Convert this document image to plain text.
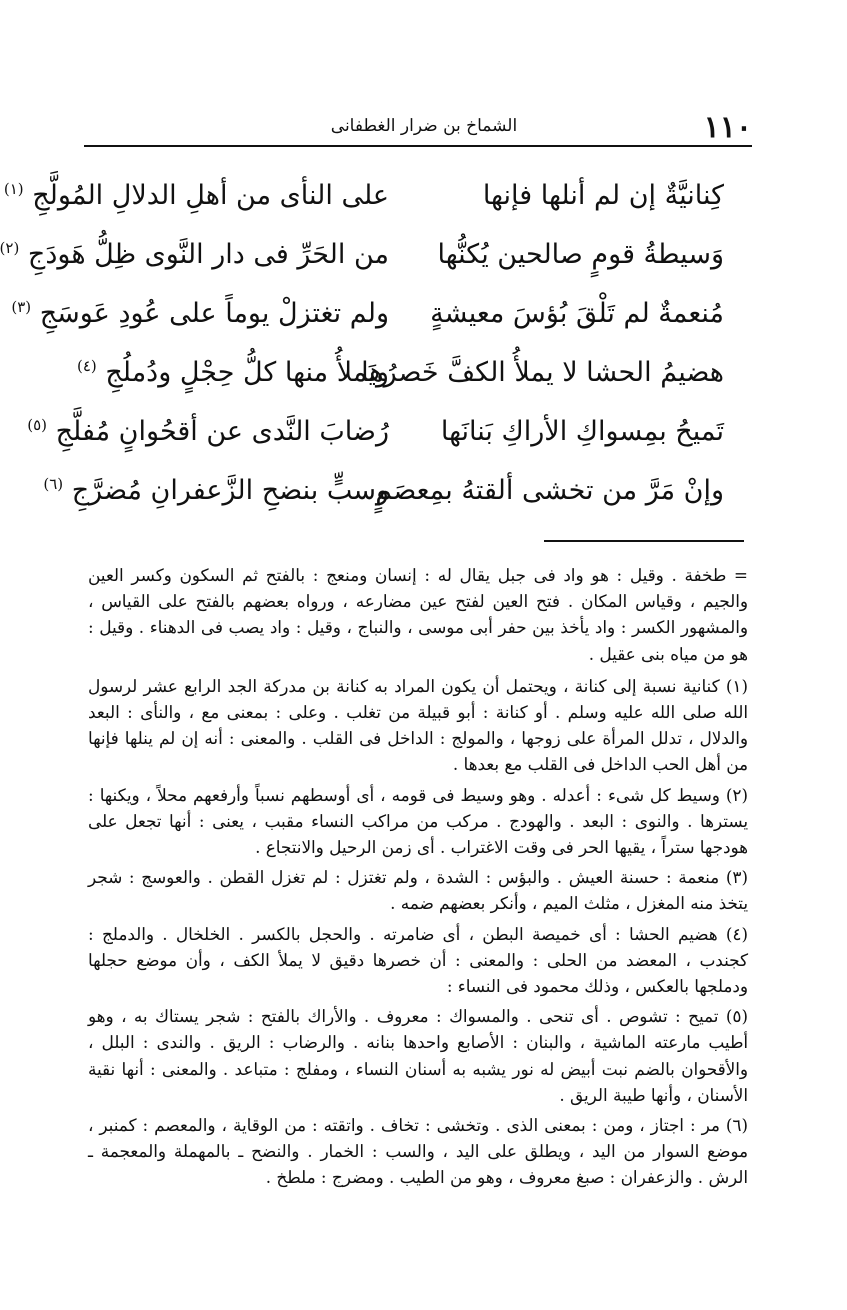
١١٠
الشماخ بن ضرار الغطفانى
كِنانيَّةٌ إن لم أنلها فإنها
على النأى من أهلِ الدلالِ المُولَّجِ $^{(١)}$
وَسيطةُ قومٍ صالحين يُكنُّها
من الحَرِّ فى دار النَّوى ظِلُّ هَودَجِ $^{(٢)}$
مُنعمةٌ لم تَلْقَ بُؤسَ معيشةٍ
ولم تغتزلْ يوماً على عُودِ عَوسَجِ $^{(٣)}$
هضيمُ الحشا لا يملأُ الكفَّ خَصرُها
ويَملأُ منها كلُّ حِجْلٍ ودُملُجِ $^{(٤)}$
تَميحُ بمِسواكِ الأراكِ بَنانَها
رُضابَ النَّدى عن أقحُوانٍ مُفلَّجِ $^{(٥)}$
وإنْ مَرَّ من تخشى ألقتهُ بمِعصَمٍ
وسبٍّ بنضحِ الزَّعفرانِ مُضرَّجِ $^{(٦)}$

= طخفة . وقيل : هو واد فى جبل يقال له : إنسان ومنعج : بالفتح ثم السكون وكسر العين والجيم ، وقياس المكان . فتح العين لفتح عين مضارعه ، ورواه بعضهم بالفتح على القياس ، والمشهور الكسر : واد يأخذ بين حفر أبى موسى ، والنباج ، وقيل : واد يصب فى الدهناء . وقيل : هو من مياه بنى عقيل .

(١) كنانية نسبة إلى كنانة ، ويحتمل أن يكون المراد به كنانة بن مدركة الجد الرابع عشر لرسول الله صلى الله عليه وسلم . أو كنانة : أبو قبيلة من تغلب . وعلى : بمعنى مع ، والنأى : البعد والدلال ، تدلل المرأة على زوجها ، والمولج : الداخل فى القلب . والمعنى : أنه إن لم ينلها فإنها من أهل الحب الداخل فى القلب مع بعدها .

(٢) وسيط كل شىء : أعدله . وهو وسيط فى قومه ، أى أوسطهم نسباً وأرفعهم محلاً ، ويكنها : يسترها . والنوى : البعد . والهودج . مركب من مراكب النساء مقبب ، يعنى : أنها تجعل على هودجها ستراً ، يقيها الحر فى وقت الاغتراب . أى زمن الرحيل والانتجاع .

(٣) منعمة : حسنة العيش . والبؤس : الشدة ، ولم تغتزل : لم تغزل القطن . والعوسج : شجر يتخذ منه المغزل ، مثلث الميم ، وأنكر بعضهم ضمه .

(٤) هضيم الحشا : أى خميصة البطن ، أى ضامرته . والحجل بالكسر . الخلخال . والدملج : كجندب ، المعضد من الحلى : والمعنى : أن خصرها دقيق لا يملأ الكف ، وأن موضع حجلها ودملجها بالعكس ، وذلك محمود فى النساء :

(٥) تميح : تشوص . أى تنحى . والمسواك : معروف . والأراك بالفتح : شجر يستاك به ، وهو أطيب مارعته الماشية ، والبنان : الأصابع واحدها بنانه . والرضاب : الريق . والندى : البلل ، والأقحوان بالضم نبت أبيض له نور يشبه به أسنان النساء ، ومفلج : متباعد . والمعنى : أنها نقية الأسنان ، وأنها طيبة الريق .

(٦) مر : اجتاز ، ومن : بمعنى الذى . وتخشى : تخاف . واتقته : من الوقاية ، والمعصم : كمنبر ، موضع السوار من اليد ، ويطلق على اليد ، والسب : الخمار . والنضح ـ بالمهملة والمعجمة ـ الرش . والزعفران : صبغ معروف ، وهو من الطيب . ومضرج : ملطخ .
